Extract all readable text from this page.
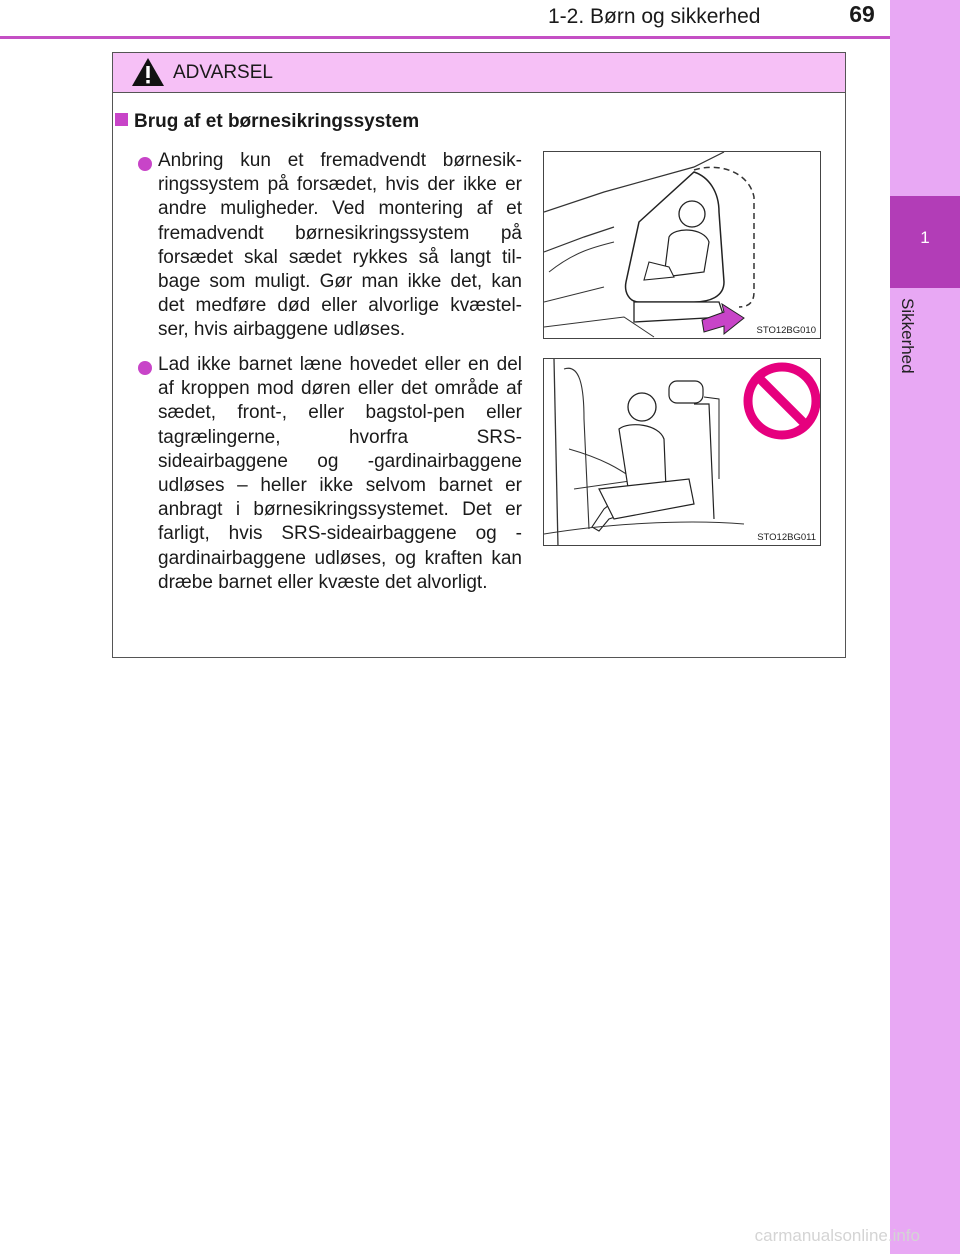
1-2. Børn og sikkerhed	69
1
Sikkerhed
ADVARSEL
Brug af et børnesikringssystem
Anbring kun et fremadvendt børnesik-ringssystem på forsædet, hvis der ikke er andre muligheder. Ved montering af et fremadvendt børnesikringssystem på forsædet skal sædet rykkes så langt til-bage som muligt. Gør man ikke det, kan det medføre død eller alvorlige kvæstel-ser, hvis airbaggene udløses.	STO12BG010
Lad ikke barnet læne hovedet eller en del af kroppen mod døren eller det område af sædet, front-, eller bagstol-pen eller tagrælingerne, hvorfra SRS-sideairbaggene og -gardinairbaggene udløses – heller ikke selvom barnet er anbragt i børnesikringssystemet. Det er farligt, hvis SRS-sideairbaggene og -gardinairbaggene udløses, og kraften kan dræbe barnet eller kvæste det alvorligt.
STO12BG011
carmanualsonline.info
